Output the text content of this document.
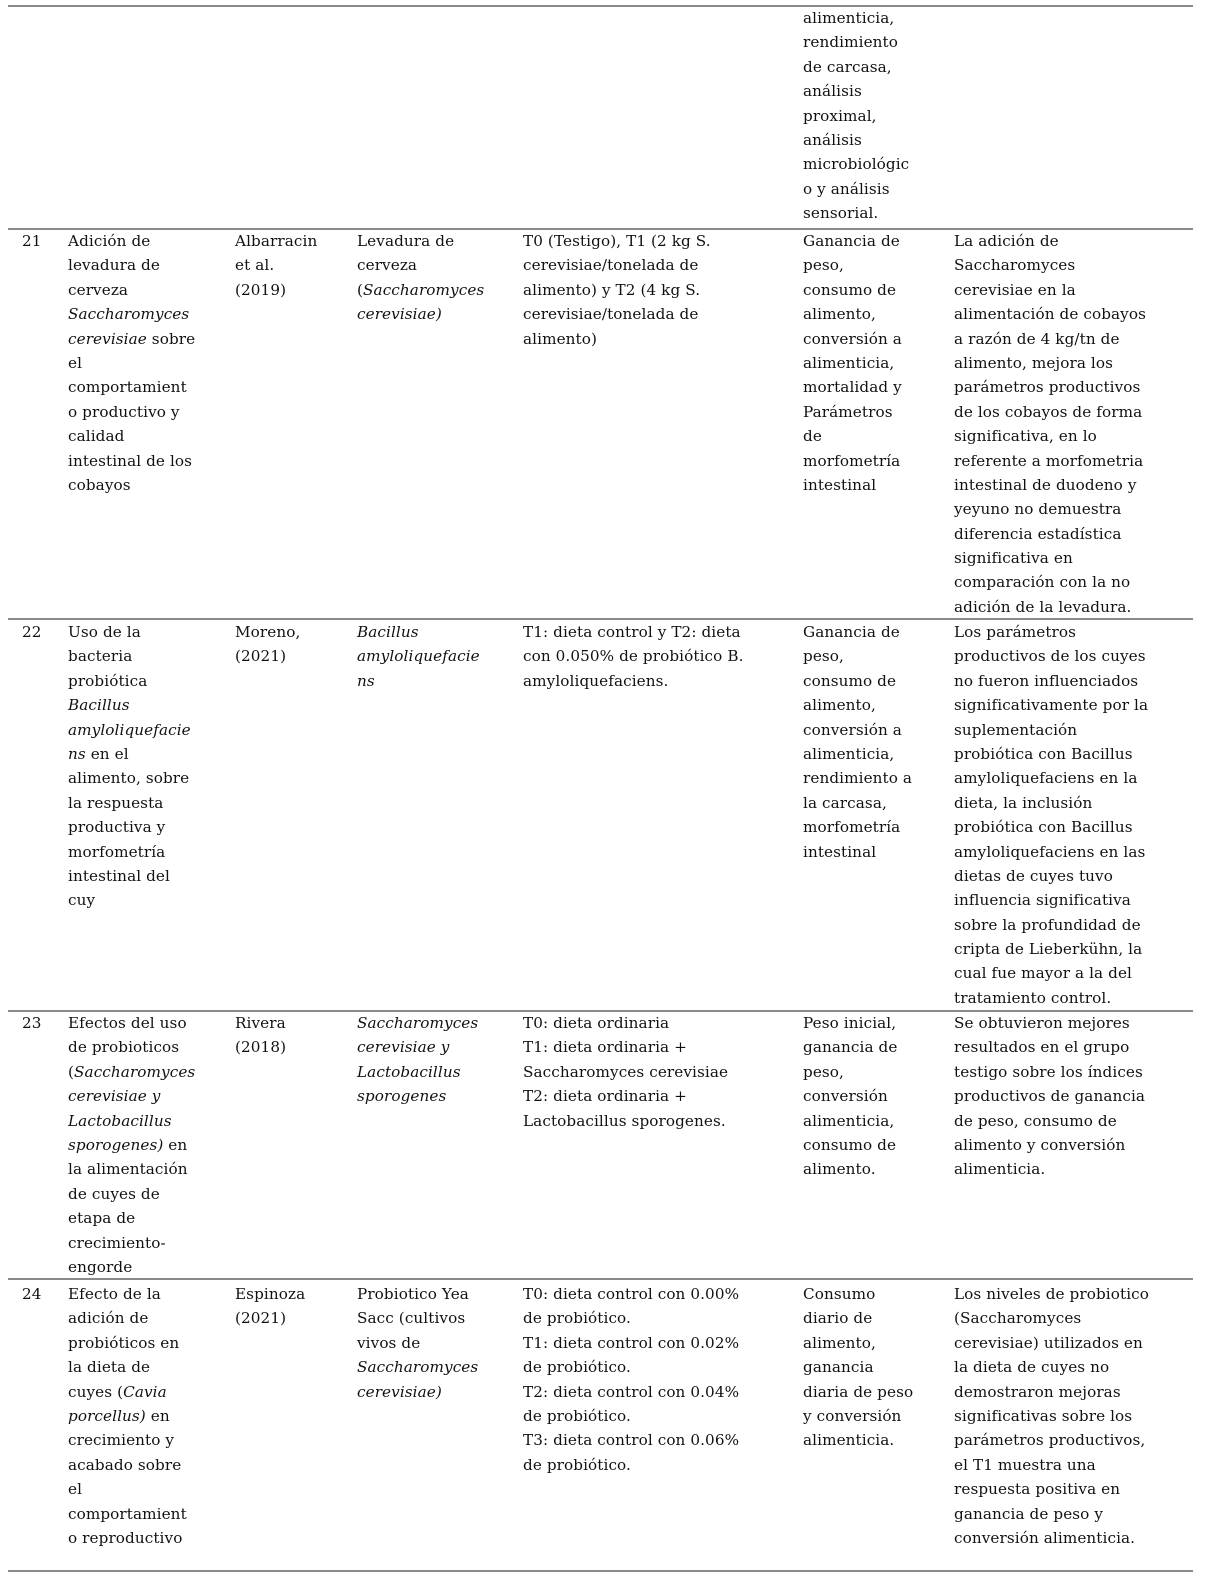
alimenticia,
rendimiento
de carcasa,
análisis
proximal,
análisis
microbiológic
o y análisis
sensorial.
21 Adición de
levadura de
cerveza
Saccharomyces
cerevisiae sobre
el
comportamient
o productivo y
calidad
intestinal de los
cobayos
Albarracin
et al.
(2019)
Levadura de
cerveza
(Saccharomyces
cerevisiae)
T0 (Testigo), T1 (2 kg S.
cerevisiae/tonelada de
alimento) y T2 (4 kg S.
cerevisiae/tonelada de
alimento)
Ganancia de
peso,
consumo de
alimento,
conversión a
alimenticia,
mortalidad y
Parámetros
de
morfometría
intestinal
La adición de
Saccharomyces
cerevisiae en la
alimentación de cobayos
a razón de 4 kg/tn de
alimento, mejora los
parámetros productivos
de los cobayos de forma
significativa, en lo
referente a morfometria
intestinal de duodeno y
yeyuno no demuestra
diferencia estadística
significativa en
comparación con la no
adición de la levadura.
22 Uso de la
bacteria
probiótica
Bacillus
amyloliquefacie
ns en el
alimento, sobre
la respuesta
productiva y
morfometría
intestinal del
cuy
Moreno,
(2021)
Bacillus
amyloliquefacie
ns
T1: dieta control y T2: dieta
con 0.050% de probiótico B.
amyloliquefaciens.
Ganancia de
peso,
consumo de
alimento,
conversión a
alimenticia,
rendimiento a
la carcasa,
morfometría
intestinal
Los parámetros
productivos de los cuyes
no fueron influenciados
significativamente por la
suplementación
probiótica con Bacillus
amyloliquefaciens en la
dieta, la inclusión
probiótica con Bacillus
amyloliquefaciens en las
dietas de cuyes tuvo
influencia significativa
sobre la profundidad de
cripta de Lieberkühn, la
cual fue mayor a la del
tratamiento control.
23 Efectos del uso
de probioticos
(Saccharomyces
cerevisiae y
Lactobacillus
sporogenes) en
la alimentación
de cuyes de
etapa de
crecimiento-
engorde
Rivera
(2018)
Saccharomyces
cerevisiae y
Lactobacillus
sporogenes
T0: dieta ordinaria
T1: dieta ordinaria +
Saccharomyces cerevisiae
T2: dieta ordinaria +
Lactobacillus sporogenes.
Peso inicial,
ganancia de
peso,
conversión
alimenticia,
consumo de
alimento.
Se obtuvieron mejores
resultados en el grupo
testigo sobre los índices
productivos de ganancia
de peso, consumo de
alimento y conversión
alimenticia.
24 Efecto de la
adición de
probióticos en
la dieta de
cuyes (Cavia
porcellus) en
crecimiento y
acabado sobre
el
comportamient
o reproductivo
Espinoza
(2021)
Probiotico Yea
Sacc (cultivos
vivos de
Saccharomyces
cerevisiae)
T0: dieta control con 0.00%
de probiótico.
T1: dieta control con 0.02%
de probiótico.
T2: dieta control con 0.04%
de probiótico.
T3: dieta control con 0.06%
de probiótico.
Consumo
diario de
alimento,
ganancia
diaria de peso
y conversión
alimenticia.
Los niveles de probiotico
(Saccharomyces
cerevisiae) utilizados en
la dieta de cuyes no
demostraron mejoras
significativas sobre los
parámetros productivos,
el T1 muestra una
respuesta positiva en
ganancia de peso y
conversión alimenticia.
